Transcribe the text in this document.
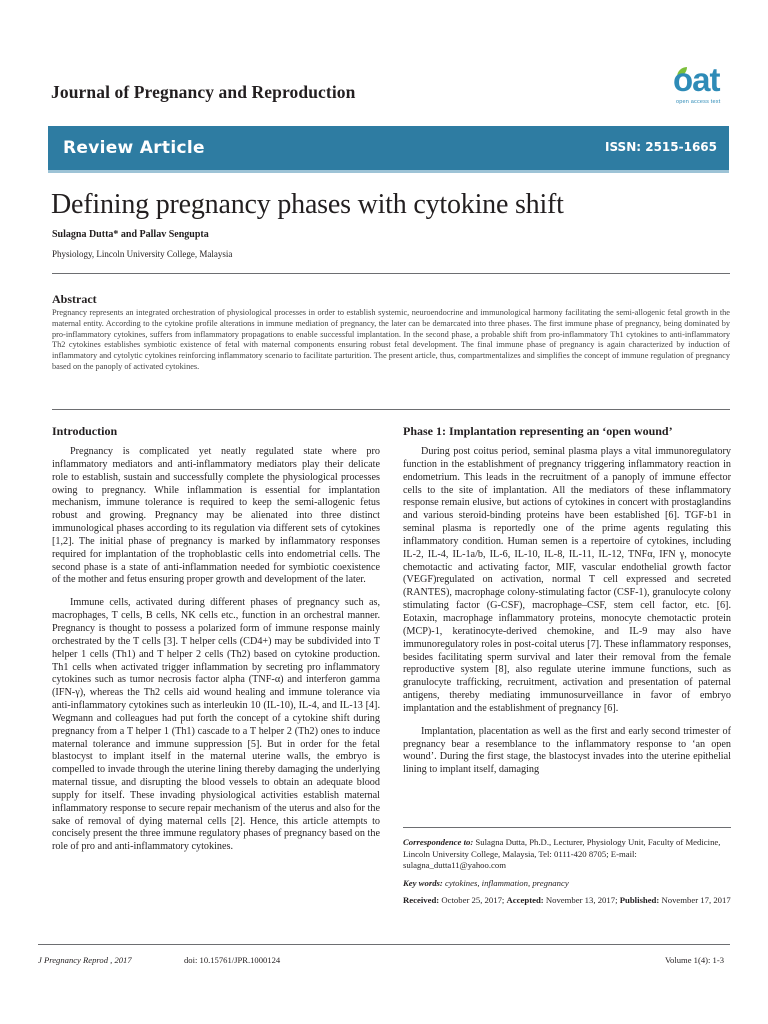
Journal of Pregnancy and Reproduction	oat
open access text
Review Article	ISSN: 2515-1665
Defining pregnancy phases with cytokine shift
Sulagna Dutta* and Pallav Sengupta
Physiology, Lincoln University College, Malaysia
Abstract

Pregnancy represents an integrated orchestration of physiological processes in order to establish systemic, neuroendocrine and immunological harmony facilitating the semi-allogenic fetal growth in the maternal entity. According to the cytokine profile alterations in immune mediation of pregnancy, the later can be demarcated into three phases. The first immune phase of pregnancy, being dominated by pro-inflammatory cytokines, suffers from inflammatory propagations to enable successful implantation. In the second phase, a probable shift from pro-inflammatory Th1 cytokines to anti-inflammatory Th2 cytokines establishes symbiotic existence of fetal with maternal components ensuring robust fetal development. The final immune phase of pregnancy is again characterized by induction of inflammatory and cytolytic cytokines reinforcing inflammatory scenario to facilitate parturition. The present article, thus, compartmentalizes and simplifies the concept of immune regulation of pregnancy based on the panoply of activated cytokines.

Introduction

Pregnancy is complicated yet neatly regulated state where pro inflammatory mediators and anti-inflammatory mediators play their delicate role to establish, sustain and successfully complete the physiological processes owing to pregnancy. While inflammation is essential for implantation mechanism, immune tolerance is required to keep the semi-allogenic fetus robust and growing. Pregnancy may be alienated into three distinct immunological phases according to its regulation via different sets of cytokines [1,2]. The initial phase of pregnancy is marked by inflammatory responses required for implantation of the trophoblastic cells into endometrial cells. The second phase is a state of anti-inflammation needed for symbiotic coexistence of the mother and fetus ensuring proper growth and development of the later.

Immune cells, activated during different phases of pregnancy such as, macrophages, T cells, B cells, NK cells etc., function in an orchestral manner. Pregnancy is thought to possess a polarized form of immune response mainly orchestrated by the T cells [3]. T helper cells (CD4+) may be subdivided into T helper 1 cells (Th1) and T helper 2 cells (Th2) based on cytokine production. Th1 cells when activated trigger inflammation by secreting pro inflammatory cytokines such as tumor necrosis factor alpha (TNF-α) and interferon gamma (IFN-γ), whereas the Th2 cells aid wound healing and immune tolerance via anti-inflammatory cytokines such as interleukin 10 (IL-10), IL-4, and IL-13 [4]. Wegmann and colleagues had put forth the concept of a cytokine shift during pregnancy from a T helper 1 (Th1) cascade to a T helper 2 (Th2) ones to induce maternal tolerance and immune suppression [5]. But in order for the fetal blastocyst to implant itself in the maternal uterine walls, the embryo is compelled to invade through the uterine lining thereby damaging the underlying maternal tissue, and disrupting the blood vessels to obtain an adequate blood supply for itself. These invading physiological activities establish maternal inflammatory response to secure repair mechanism of the uterus and also for the sake of removal of dying maternal cells [2]. Hence, this article attempts to concisely present the three immune regulatory phases of pregnancy based on the role of pro and anti-inflammatory cytokines.

Phase 1: Implantation representing an ‘open wound’

During post coitus period, seminal plasma plays a vital immunoregulatory function in the establishment of pregnancy triggering inflammatory reaction in endometrium. This leads in the recruitment of a panoply of immune effector cells to the site of implantation. All the mediators of these inflammatory response remain elusive, but actions of cytokines in concert with prostaglandins and various steroid-binding proteins have been established [6]. TGF-b1 in seminal plasma is reportedly one of the prime agents regulating this inflammatory condition. Human semen is a repertoire of cytokines, including IL-2, IL-4, IL-1a/b, IL-6, IL-10, IL-8, IL-11, IL-12, TNFα, IFN γ, monocyte chemotactic and activating factor, MIF, vascular endothelial growth factor (VEGF)regulated on activation, normal T cell expressed and secreted (RANTES), macrophage colony-stimulating factor (CSF-1), granulocyte colony stimulating factor (G-CSF), macrophage–CSF, stem cell factor, etc. [6]. Eotaxin, macrophage inflammatory proteins, monocyte chemotactic protein (MCP)-1, keratinocyte-derived chemokine, and IL-9 may also have immunoregulatory roles in post-coital uterus [7]. These inflammatory responses, besides facilitating sperm survival and later their removal from the female reproductive system [8], also regulate uterine immune functions, such as granulocyte trafficking, recruitment, activation and presentation of paternal antigens, thereby mediating immunosurveillance in favor of embryo implantation and the establishment of pregnancy [6].

Implantation, placentation as well as the first and early second trimester of pregnancy bear a resemblance to the inflammatory response to ‘an open wound’. During the first stage, the blastocyst invades into the uterine epithelial lining to implant itself, damaging

Correspondence to: Sulagna Dutta, Ph.D., Lecturer, Physiology Unit, Faculty of Medicine, Lincoln University College, Malaysia, Tel: 0111-420 8705; E-mail: sulagna_dutta11@yahoo.com

Key words: cytokines, inflammation, pregnancy

Received: October 25, 2017; Accepted: November 13, 2017; Published: November 17, 2017

J Pregnancy Reprod , 2017	doi: 10.15761/JPR.1000124	Volume 1(4): 1-3
